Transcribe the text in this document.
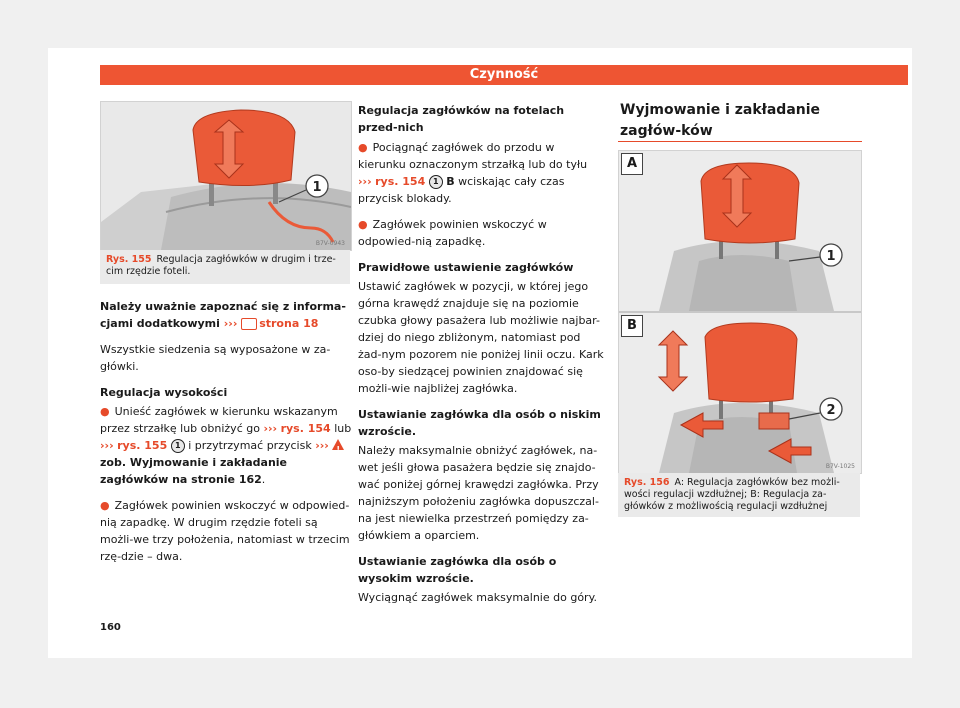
Czynność
1
B7V-0943
Rys. 155 Regulacja zagłówków w drugim i trze-cim rzędzie foteli.

Należy uważnie zapoznać się z informa-cjami dodatkowymi ››› strona 18

Wszystkie siedzenia są wyposażone w za-główki.

Regulacja wysokości

● Unieść zagłówek w kierunku wskazanym przez strzałkę lub obniżyć go ››› rys. 154 lub ››› rys. 155 1 i przytrzymać przycisk ››› ! zob. Wyjmowanie i zakładanie zagłówków na stronie 162.

● Zagłówek powinien wskoczyć w odpowied-nią zapadkę. W drugim rzędzie foteli są możli-we trzy położenia, natomiast w trzecim rzę-dzie – dwa.

160

Regulacja zagłówków na fotelach przed-nich

● Pociągnąć zagłówek do przodu w kierunku oznaczonym strzałką lub do tyłu ››› rys. 154 1 B wciskając cały czas przycisk blokady.

● Zagłówek powinien wskoczyć w odpowied-nią zapadkę.

Prawidłowe ustawienie zagłówków

Ustawić zagłówek w pozycji, w której jego górna krawędź znajduje się na poziomie czubka głowy pasażera lub możliwie najbar-dziej do niego zbliżonym, natomiast pod żad-nym pozorem nie poniżej linii oczu. Kark oso-by siedzącej powinien znajdować się możli-wie najbliżej zagłówka.

Ustawianie zagłówka dla osób o niskim wzroście.

Należy maksymalnie obniżyć zagłówek, na-wet jeśli głowa pasażera będzie się znajdo-wać poniżej górnej krawędzi zagłówka. Przy najniższym położeniu zagłówka dopuszczal-na jest niewielka przestrzeń pomiędzy za-główkiem a oparciem.

Ustawianie zagłówka dla osób o wysokim wzroście.

Wyciągnąć zagłówek maksymalnie do góry.

Wyjmowanie i zakładanie zagłów-ków
1
2
A
B
B7V-1025
Rys. 156 A: Regulacja zagłówków bez możli-wości regulacji wzdłużnej; B: Regulacja za-główków z możliwością regulacji wzdłużnej
